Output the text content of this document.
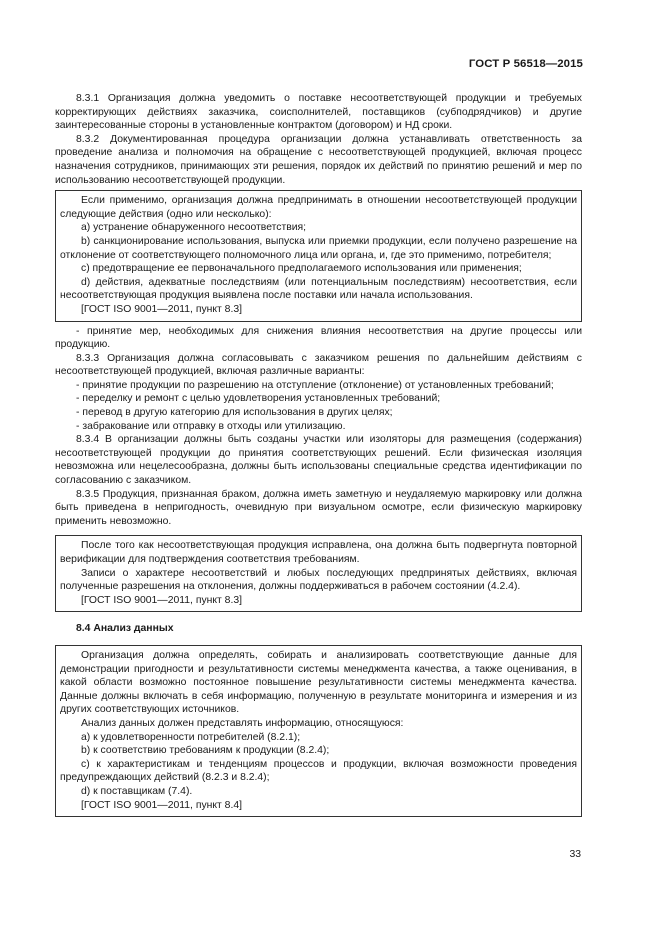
ГОСТ Р 56518—2015

8.3.1 Организация должна уведомить о поставке несоответствующей продукции и требуемых корректирующих действиях заказчика, соисполнителей, поставщиков (субподрядчиков) и другие заинтересованные стороны в установленные контрактом (договором) и НД сроки.

8.3.2 Документированная процедура организации должна устанавливать ответственность за проведение анализа и полномочия на обращение с несоответствующей продукцией, включая процесс назначения сотрудников, принимающих эти решения, порядок их действий по принятию решений и мер по использованию несоответствующей продукции.

Если применимо, организация должна предпринимать в отношении несоответствующей продукции следующие действия (одно или несколько):

a) устранение обнаруженного несоответствия;

b) санкционирование использования, выпуска или приемки продукции, если получено разрешение на отклонение от соответствующего полномочного лица или органа, и, где это применимо, потребителя;

c) предотвращение ее первоначального предполагаемого использования или применения;

d) действия, адекватные последствиям (или потенциальным последствиям) несоответствия, если несоответствующая продукция выявлена после поставки или начала использования.

[ГОСТ ISO 9001—2011, пункт 8.3]

- принятие мер, необходимых для снижения влияния несоответствия на другие процессы или продукцию.

8.3.3 Организация должна согласовывать с заказчиком решения по дальнейшим действиям с несоответствующей продукцией, включая различные варианты:

- принятие продукции по разрешению на отступление (отклонение) от установленных требований;

- переделку и ремонт с целью удовлетворения установленных требований;

- перевод в другую категорию для использования в других целях;

- забракование или отправку в отходы или утилизацию.

8.3.4 В организации должны быть созданы участки или изоляторы для размещения (содержания) несоответствующей продукции до принятия соответствующих решений. Если физическая изоляция невозможна или нецелесообразна, должны быть использованы специальные средства идентификации по согласованию с заказчиком.

8.3.5 Продукция, признанная браком, должна иметь заметную и неудаляемую маркировку или должна быть приведена в непригодность, очевидную при визуальном осмотре, если физическую маркировку применить невозможно.

После того как несоответствующая продукция исправлена, она должна быть подвергнута повторной верификации для подтверждения соответствия требованиям.

Записи о характере несоответствий и любых последующих предпринятых действиях, включая полученные разрешения на отклонения, должны поддерживаться в рабочем состоянии (4.2.4).

[ГОСТ ISO 9001—2011, пункт 8.3]

8.4 Анализ данных

Организация должна определять, собирать и анализировать соответствующие данные для демонстрации пригодности и результативности системы менеджмента качества, а также оценивания, в какой области возможно постоянное повышение результативности системы менеджмента качества. Данные должны включать в себя информацию, полученную в результате мониторинга и измерения и из других соответствующих источников.

Анализ данных должен представлять информацию, относящуюся:

a) к удовлетворенности потребителей (8.2.1);

b) к соответствию требованиям к продукции (8.2.4);

c) к характеристикам и тенденциям процессов и продукции, включая возможности проведения предупреждающих действий (8.2.3 и 8.2.4);

d) к поставщикам (7.4).

[ГОСТ ISO 9001—2011, пункт 8.4]

33
